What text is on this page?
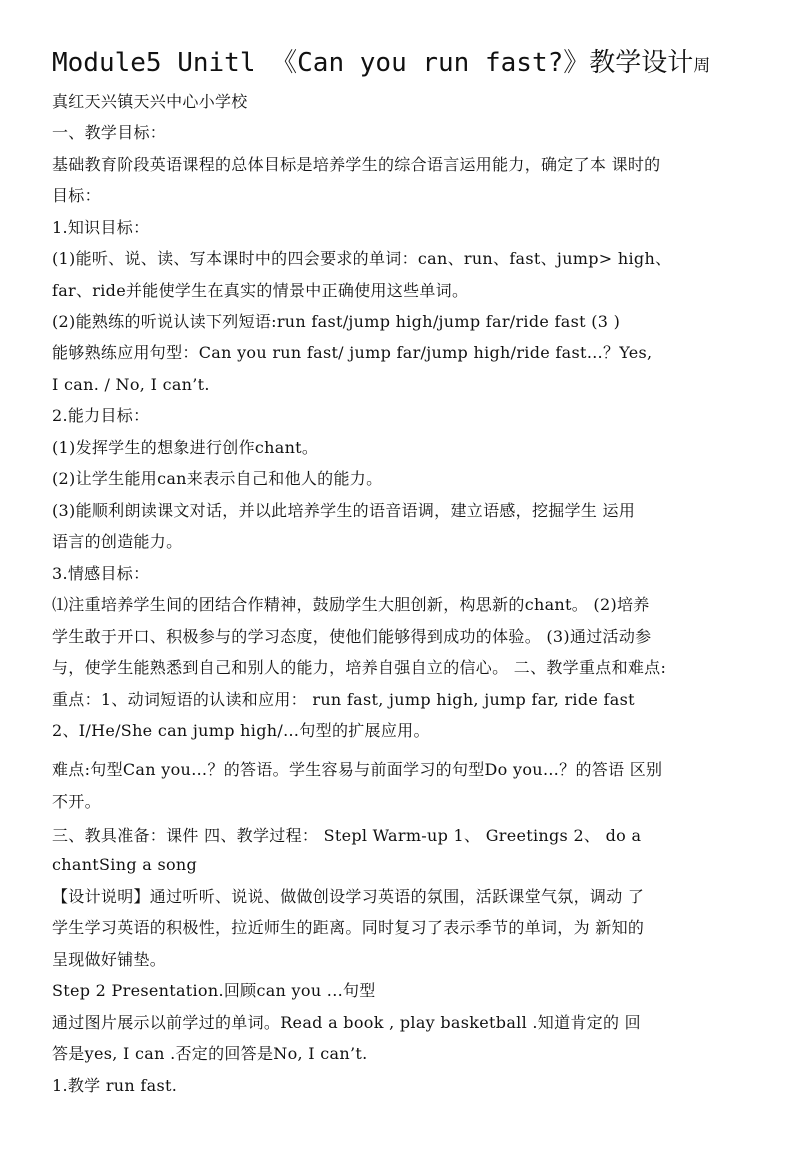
Module5 Unitl 《Can you run fast?》教学设计周
真红天兴镇天兴中心小学校
一、教学目标：
基础教育阶段英语课程的总体目标是培养学生的综合语言运用能力，确定了本 课时的
目标：
1.知识目标：
(1)能听、说、读、写本课时中的四会要求的单词：can、run、fast、jump> high、
far、ride并能使学生在真实的情景中正确使用这些单词。
(2)能熟练的听说认读下列短语:run fast/jump high/jump far/ride fast (3 )
能够熟练应用句型：Can you run fast/ jump far/jump high/ride fast…？Yes,
I can. / No, I can’t.
2.能力目标：
(1)发挥学生的想象进行创作chant。
(2)让学生能用can来表示自己和他人的能力。
(3)能顺利朗读课文对话，并以此培养学生的语音语调，建立语感，挖掘学生 运用
语言的创造能力。
3.情感目标：
⑴注重培养学生间的团结合作精神，鼓励学生大胆创新，构思新的chant。 (2)培养
学生敢于开口、积极参与的学习态度，使他们能够得到成功的体验。 (3)通过活动参
与，使学生能熟悉到自己和别人的能力，培养自强自立的信心。 二、教学重点和难点:
重点：1、动词短语的认读和应用： run fast, jump high, jump far, ride fast
2、I/He/She can jump high/…句型的扩展应用。
难点:句型Can you…？的答语。学生容易与前面学习的句型Do you…？的答语 区别
不开。
三、教具准备：课件 四、教学过程： Stepl Warm-up 1、 Greetings 2、 do a
chantSing a song
【设计说明】通过听听、说说、做做创设学习英语的氛围，活跃课堂气氛，调动 了
学生学习英语的积极性，拉近师生的距离。同时复习了表示季节的单词，为 新知的
呈现做好铺垫。
Step 2 Presentation.回顾can you ...句型
通过图片展示以前学过的单词。Read a book , play basketball .知道肯定的 回
答是yes, I can .否定的回答是No, I can’t.
1.教学 run fast.
